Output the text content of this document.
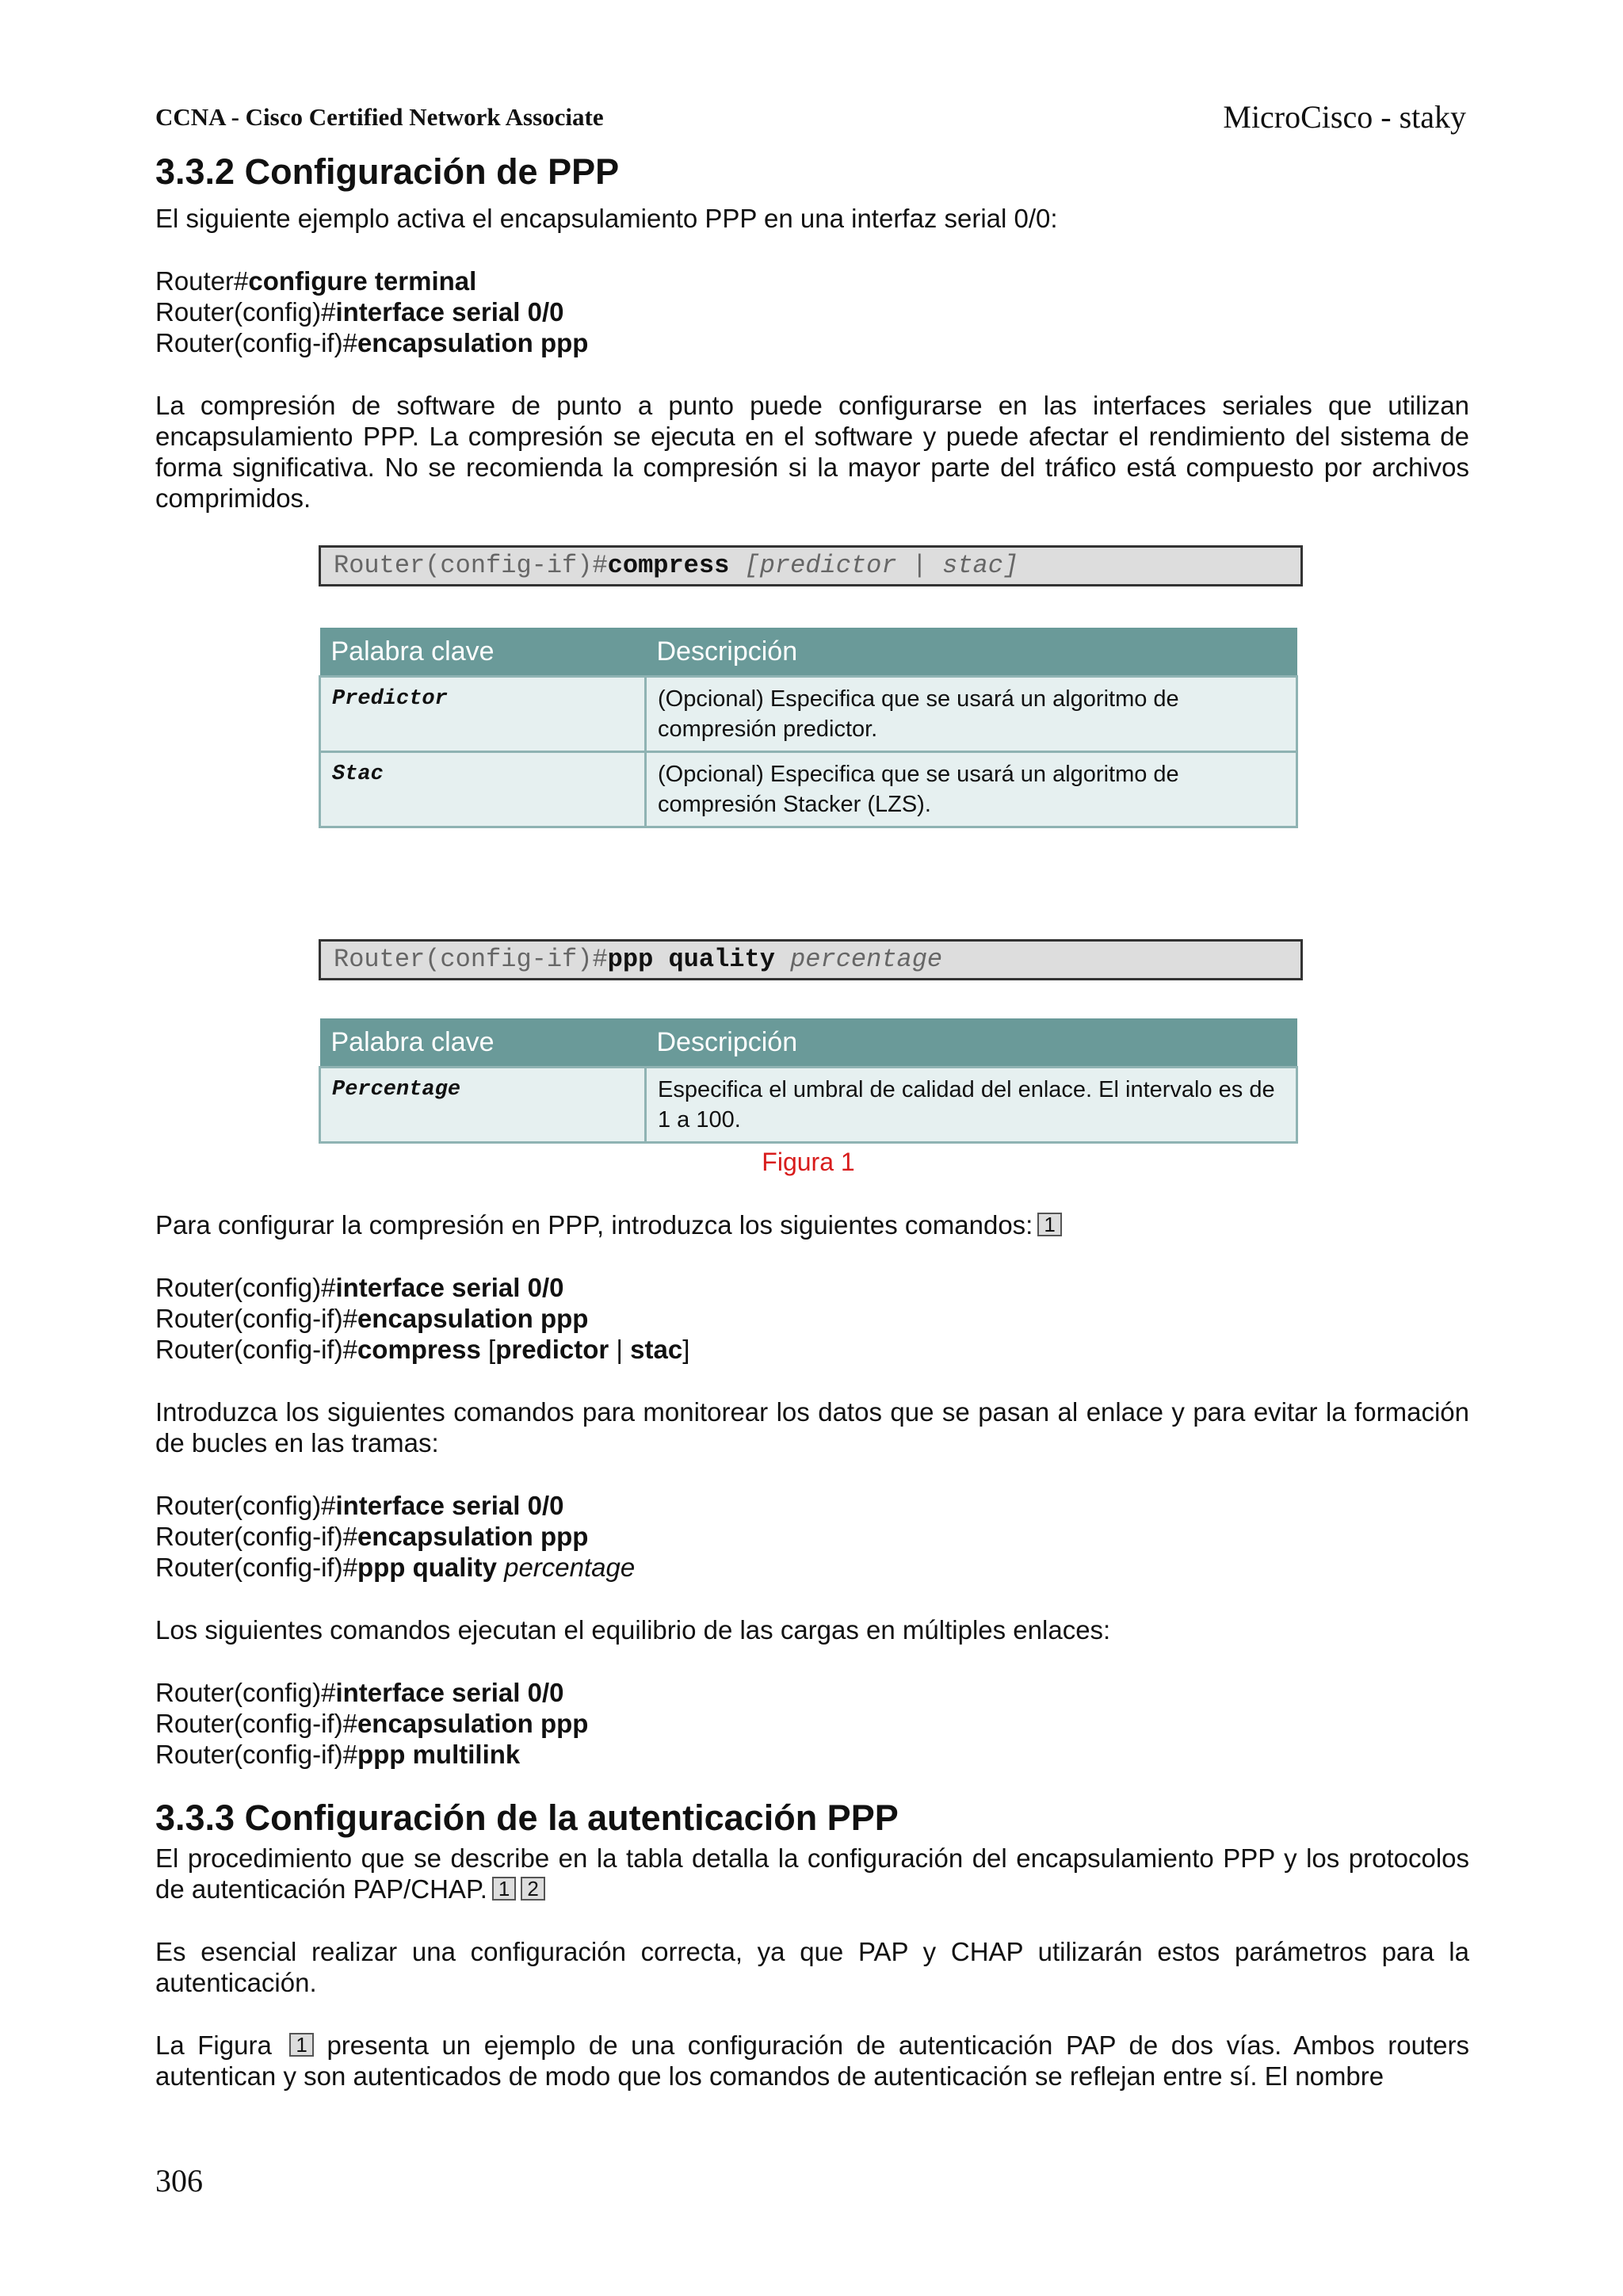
CCNA - Cisco Certified Network Associate	MicroCisco - staky
3.3.2 Configuración de PPP

El siguiente ejemplo activa el encapsulamiento PPP en una interfaz serial 0/0:

Router#configure terminal
Router(config)#interface serial 0/0
Router(config-if)#encapsulation ppp

La compresión de software de punto a punto puede configurarse en las interfaces seriales que utilizan encapsulamiento PPP. La compresión se ejecuta en el software y puede afectar el rendimiento del sistema de forma significativa. No se recomienda la compresión si la mayor parte del tráfico está compuesto por archivos comprimidos.

Router(config-if)#compress [predictor | stac]
Palabra clave	Descripción
Predictor	(Opcional) Especifica que se usará un algoritmo de compresión predictor.
Stac	(Opcional) Especifica que se usará un algoritmo de compresión Stacker (LZS).
Router(config-if)#ppp quality percentage
Palabra clave	Descripción
Percentage	Especifica el umbral de calidad del enlace. El intervalo es de 1 a 100.
Figura 1

Para configurar la compresión en PPP, introduzca los siguientes comandos: 1

Router(config)#interface serial 0/0
Router(config-if)#encapsulation ppp
Router(config-if)#compress [predictor | stac]

Introduzca los siguientes comandos para monitorear los datos que se pasan al enlace y para evitar la formación de bucles en las tramas:

Router(config)#interface serial 0/0
Router(config-if)#encapsulation ppp
Router(config-if)#ppp quality percentage

Los siguientes comandos ejecutan el equilibrio de las cargas en múltiples enlaces:

Router(config)#interface serial 0/0
Router(config-if)#encapsulation ppp
Router(config-if)#ppp multilink
3.3.3 Configuración de la autenticación PPP

El procedimiento que se describe en la tabla detalla la configuración del encapsulamiento PPP y los protocolos de autenticación PAP/CHAP. 1 2

Es esencial realizar una configuración correcta, ya que PAP y CHAP utilizarán estos parámetros para la autenticación.

La Figura 1 presenta un ejemplo de una configuración de autenticación PAP de dos vías. Ambos routers autentican y son autenticados de modo que los comandos de autenticación se reflejan entre sí. El nombre

306
